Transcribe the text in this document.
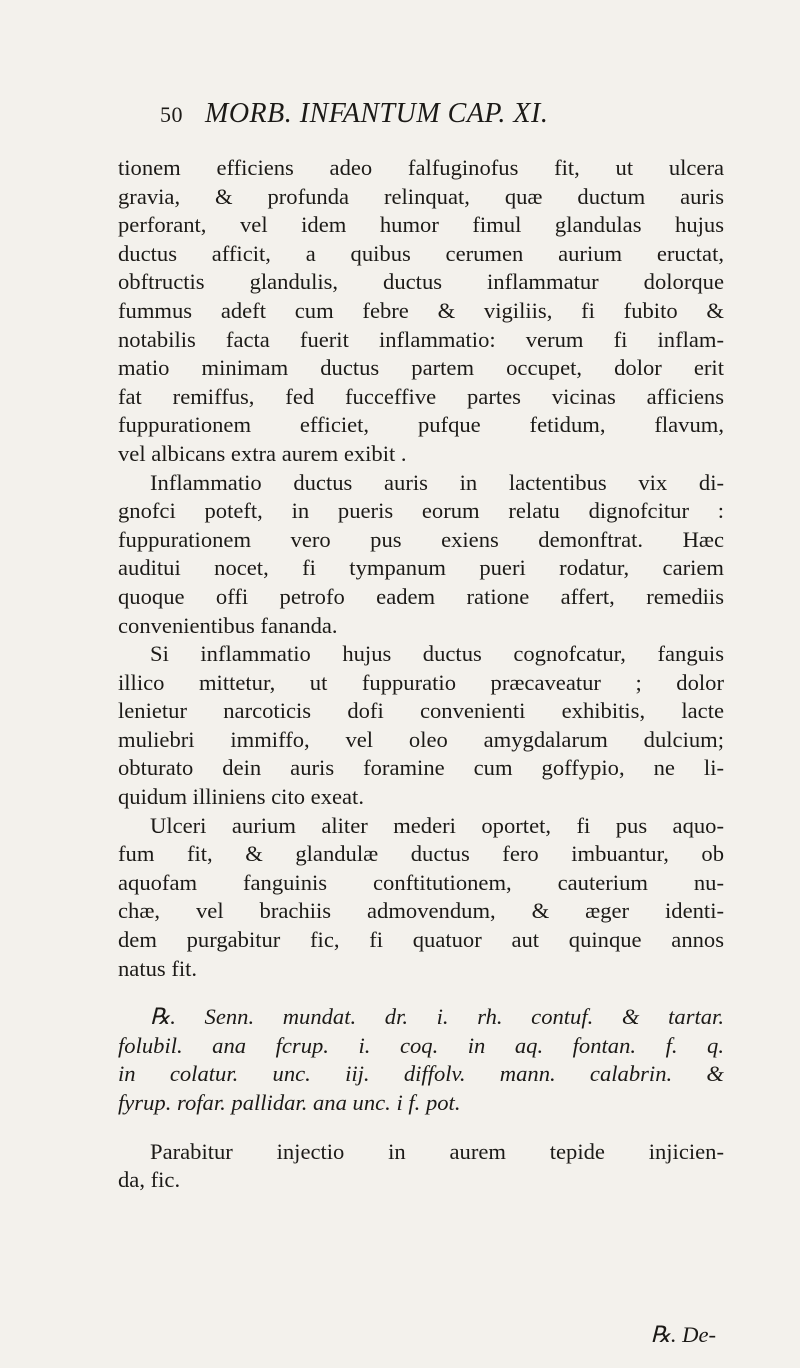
50 MORB. INFANTUM CAP. XI.
tionem efficiens adeo falfuginofus fit, ut ulcera
gravia, & profunda relinquat, quæ ductum auris
perforant, vel idem humor fimul glandulas hujus
ductus afficit, a quibus cerumen aurium eructat,
obftructis glandulis, ductus inflammatur dolorque
fummus adeft cum febre & vigiliis, fi fubito &
notabilis facta fuerit inflammatio: verum fi inflam-
matio minimam ductus partem occupet, dolor erit
fat remiffus, fed fucceffive partes vicinas afficiens
fuppurationem efficiet, pufque fetidum, flavum,
vel albicans extra aurem exibit .
Inflammatio ductus auris in lactentibus vix di-
gnofci poteft, in pueris eorum relatu dignofcitur :
fuppurationem vero pus exiens demonftrat. Hæc
auditui nocet, fi tympanum pueri rodatur, cariem
quoque offi petrofo eadem ratione affert, remediis
convenientibus fananda.
Si inflammatio hujus ductus cognofcatur, fanguis
illico mittetur, ut fuppuratio præcaveatur ; dolor
lenietur narcoticis dofi convenienti exhibitis, lacte
muliebri immiffo, vel oleo amygdalarum dulcium;
obturato dein auris foramine cum goffypio, ne li-
quidum illiniens cito exeat.
Ulceri aurium aliter mederi oportet, fi pus aquo-
fum fit, & glandulæ ductus fero imbuantur, ob
aquofam fanguinis conftitutionem, cauterium nu-
chæ, vel brachiis admovendum, & æger identi-
dem purgabitur fic, fi quatuor aut quinque annos
natus fit.
℞. Senn. mundat. dr. i. rh. contuf. & tartar.
folubil. ana fcrup. i. coq. in aq. fontan. f. q.
in colatur. unc. iij. diffolv. mann. calabrin. &
fyrup. rofar. pallidar. ana unc. i f. pot.
Parabitur injectio in aurem tepide injicien-
da, fic.
℞. De-
